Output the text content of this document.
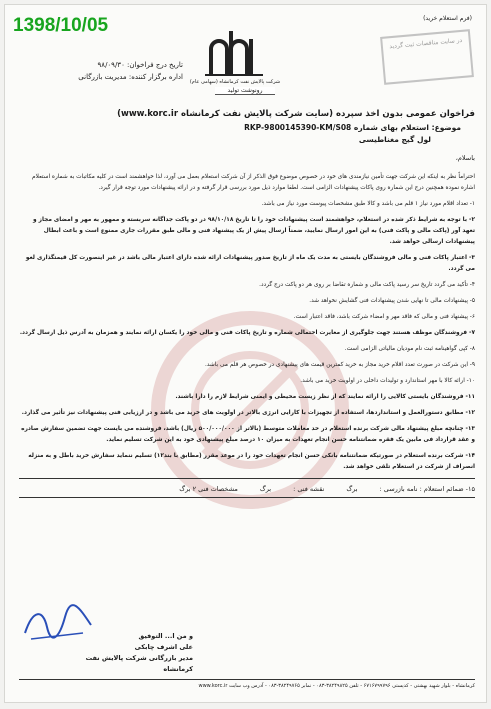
1398/10/05
تاریخ درج فراخوان: ۹۸/۰۹/۳۰
اداره برگزار کننده: مدیریت بازرگانی
شرکت پالایش نفت کرمانشاه (سهامی عام)
رونوشت توليد
(فرم استعلام خرید)
در سایت مناقصات ثبت گردید
فراخوان عمومی بدون اخذ سپرده (سایت شرکت پالایش نفت کرمانشاه www.korc.ir)
موضوع: استعلام بهای شماره RKP-9800145390-KM/S08
لول گیج مغناطیسی
باسلام،
احتراماً نظر به اینکه این شرکت جهت تأمین نیازمندی های خود در خصوص موضوع فوق الذکر از آن شرکت استعلام بعمل می آورد، لذا خواهشمند است در کلیه مکاتبات به شماره استعلام اشاره نموده همچنین درج این شماره روی پاکات پیشنهادات الزامی است. لطفا موارد ذیل مورد بررسی قرار گرفته و در ارائه پیشنهادات مورد توجه قرار گیرد.
۱- تعداد اقلام مورد نیاز ۱ قلم می باشد و کالا طبق مشخصات پیوست مورد نیاز می باشد.
۲- با توجه به شرایط ذکر شده در استعلام، خواهشمند است پیشنهادات خود را تا تاریخ ۹۸/۱۰/۱۸ در دو پاکت جداگانه سربسته و ممهور به مهر و امضای مجاز و تعهد آور (پاکت مالی و پاکت فنی) به این امور ارسال نمایید، ضمناً ارسال پیش از یک پیشنهاد فنی و مالی طبق مقررات جاری ممنوع است و باعث ابطال پیشنهادات ارسالی خواهد شد.
۳- اعتبار پاکات فنی و مالی فروشندگان بایستی به مدت یک ماه از تاریخ صدور پیشنهادات ارائه شده دارای اعتبار مالی باشد در غیر اینصورت کل قیمتگذاری لغو می گردد.
۴- تأکید می گردد تاریخ سر رسید پاکت مالی و شماره تقاضا بر روی هر دو پاکت درج گردد.
۵- پیشنهادات مالی تا نهایی شدن پیشنهادات فنی گشایش نخواهد شد.
۶- پیشنهاد فنی و مالی که فاقد مهر و امضاء شرکت باشد، فاقد اعتبار است.
۷- فروشندگان موظف هستند جهت جلوگیری از مغایرت احتمالی شماره و تاریخ پاکات فنی و مالی خود را یکسان ارائه نمایند و همزمان به آدرس ذیل ارسال گردد.
۸- کپی گواهینامه ثبت نام مودیان مالیاتی الزامی است.
۹- این شرکت در صورت تعدد اقلام خرید مجاز به خرید کمترین قیمت های پیشنهادی در خصوص هر قلم می باشد.
۱۰- ارائه کالا با مهر استاندارد و تولیدات داخلی در اولویت خرید می باشد.
۱۱- فروشندگان بایستی کالایی را ارائه نمایند که از نظر زیست محیطی و ایمنی شرایط لازم را دارا باشند.
۱۲- مطابق دستورالعمل و استانداردها، استفاده از تجهیزات با کارایی انرژی بالاتر در اولویت های خرید می باشد و در ارزیابی فنی پیشنهادات نیز تأثیر می گذارد.
۱۳- چنانچه مبلغ پیشنهاد مالی شرکت برنده استعلام در حد معاملات متوسط (بالاتر از ۵۰۰/۰۰۰/۰۰۰ ریال) باشد، فروشنده می بایست جهت تضمین سفارش صادره و عقد قرارداد فی مابین یک فقره ضمانتنامه حسن انجام تعهدات به میزان ۱۰ درصد مبلغ پیشنهادی خود به این شرکت تسلیم نماید.
۱۴- شرکت برنده استعلام در صورتیکه ضمانتنامه بانکی حسن انجام تعهدات خود را در موعد مقرر (مطابق با بند۱۲) تسلیم ننماید سفارش خرید باطل و به منزله انصراف از شرکت در استعلام تلقی خواهد شد.
۱۵- ضمائم استعلام : نامه بازرسی :
برگ
نقشه فنی :
برگ
مشخصات فنی ۲ برگ
و من ا... التوفیق
علی اشرف چابکی
مدیر بازرگانی شرکت پالایش نفت کرمانشاه
کرمانشاه - بلوار شهید بهشتی - کدپستی ۶۷۱۶۷۹۹۷۹۶ - تلفن ۳۸۲۴۹۸۲۵-۰۸۳ - نمابر ۳۸۲۴۹۷۶۵-۰۸۳ - آدرس وب سایت www.korc.ir
